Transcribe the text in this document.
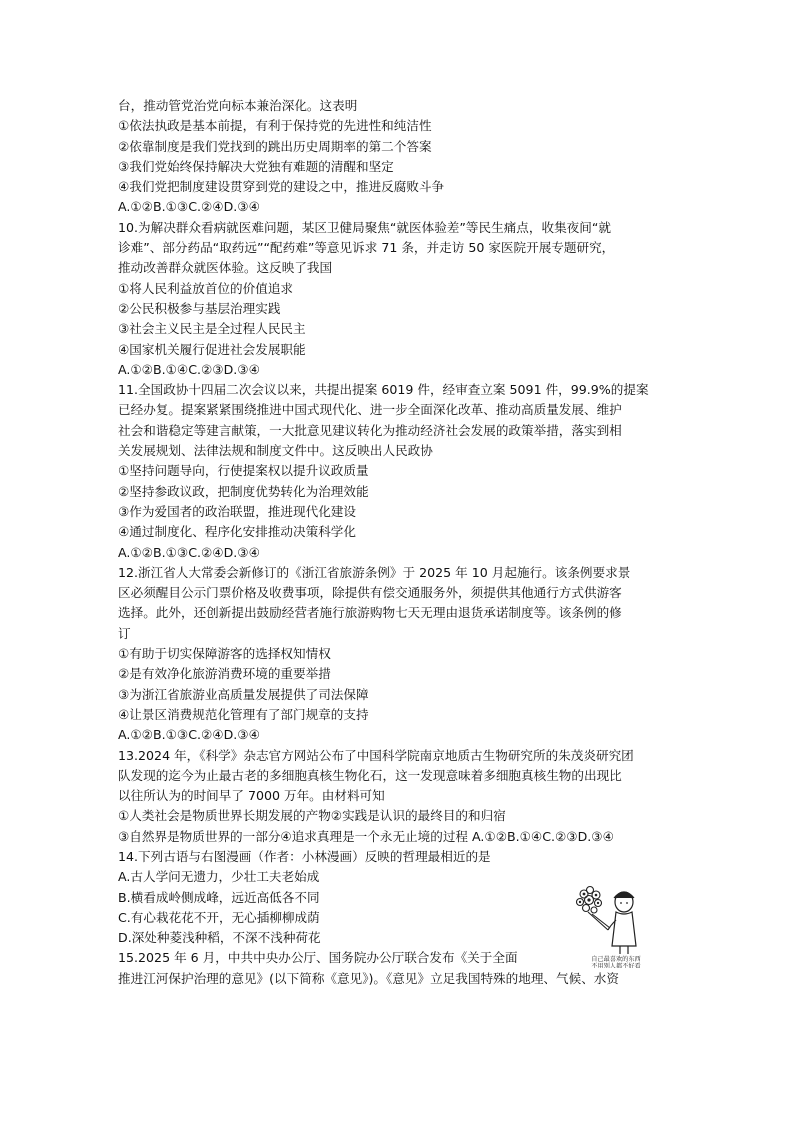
台，推动管党治党向标本兼治深化。这表明
①依法执政是基本前提，有利于保持党的先进性和纯洁性
②依靠制度是我们党找到的跳出历史周期率的第二个答案
③我们党始终保持解决大党独有难题的清醒和坚定
④我们党把制度建设贯穿到党的建设之中，推进反腐败斗争
A.①②B.①③C.②④D.③④
10.为解决群众看病就医难问题，某区卫健局聚焦“就医体验差”等民生痛点，收集夜间“就
诊难”、部分药品“取药远”“配药难”等意见诉求 71 条，并走访 50 家医院开展专题研究，
推动改善群众就医体验。这反映了我国
①将人民利益放首位的价值追求
②公民积极参与基层治理实践
③社会主义民主是全过程人民民主
④国家机关履行促进社会发展职能
A.①②B.①④C.②③D.③④
11.全国政协十四届二次会议以来，共提出提案 6019 件，经审查立案 5091 件，99.9%的提案
已经办复。提案紧紧围绕推进中国式现代化、进一步全面深化改革、推动高质量发展、维护
社会和谐稳定等建言献策，一大批意见建议转化为推动经济社会发展的政策举措，落实到相
关发展规划、法律法规和制度文件中。这反映出人民政协
①坚持问题导向，行使提案权以提升议政质量
②坚持参政议政，把制度优势转化为治理效能
③作为爱国者的政治联盟，推进现代化建设
④通过制度化、程序化安排推动决策科学化
A.①②B.①③C.②④D.③④
12.浙江省人大常委会新修订的《浙江省旅游条例》于 2025 年 10 月起施行。该条例要求景
区必须醒目公示门票价格及收费事项，除提供有偿交通服务外，须提供其他通行方式供游客
选择。此外，还创新提出鼓励经营者施行旅游购物七天无理由退货承诺制度等。该条例的修
订
①有助于切实保障游客的选择权知情权
②是有效净化旅游消费环境的重要举措
③为浙江省旅游业高质量发展提供了司法保障
④让景区消费规范化管理有了部门规章的支持
A.①②B.①③C.②④D.③④
13.2024 年，《科学》杂志官方网站公布了中国科学院南京地质古生物研究所的朱茂炎研究团
队发现的迄今为止最古老的多细胞真核生物化石，这一发现意味着多细胞真核生物的出现比
以往所认为的时间早了 7000 万年。由材料可知
①人类社会是物质世界长期发展的产物②实践是认识的最终目的和归宿
③自然界是物质世界的一部分④追求真理是一个永无止境的过程 A.①②B.①④C.②③D.③④
14.下列古语与右图漫画（作者：小林漫画）反映的哲理最相近的是
A.古人学问无遗力，少壮工夫老始成
B.横看成岭侧成峰，远近高低各不同
C.有心栽花花不开，无心插柳柳成荫
D.深处种菱浅种稻，不深不浅种荷花
15.2025 年 6 月，中共中央办公厅、国务院办公厅联合发布《关于全面
推进江河保护治理的意见》(以下简称《意见》)。《意见》立足我国特殊的地理、气候、水资
自己最喜欢的东西
不用别人都不好看
